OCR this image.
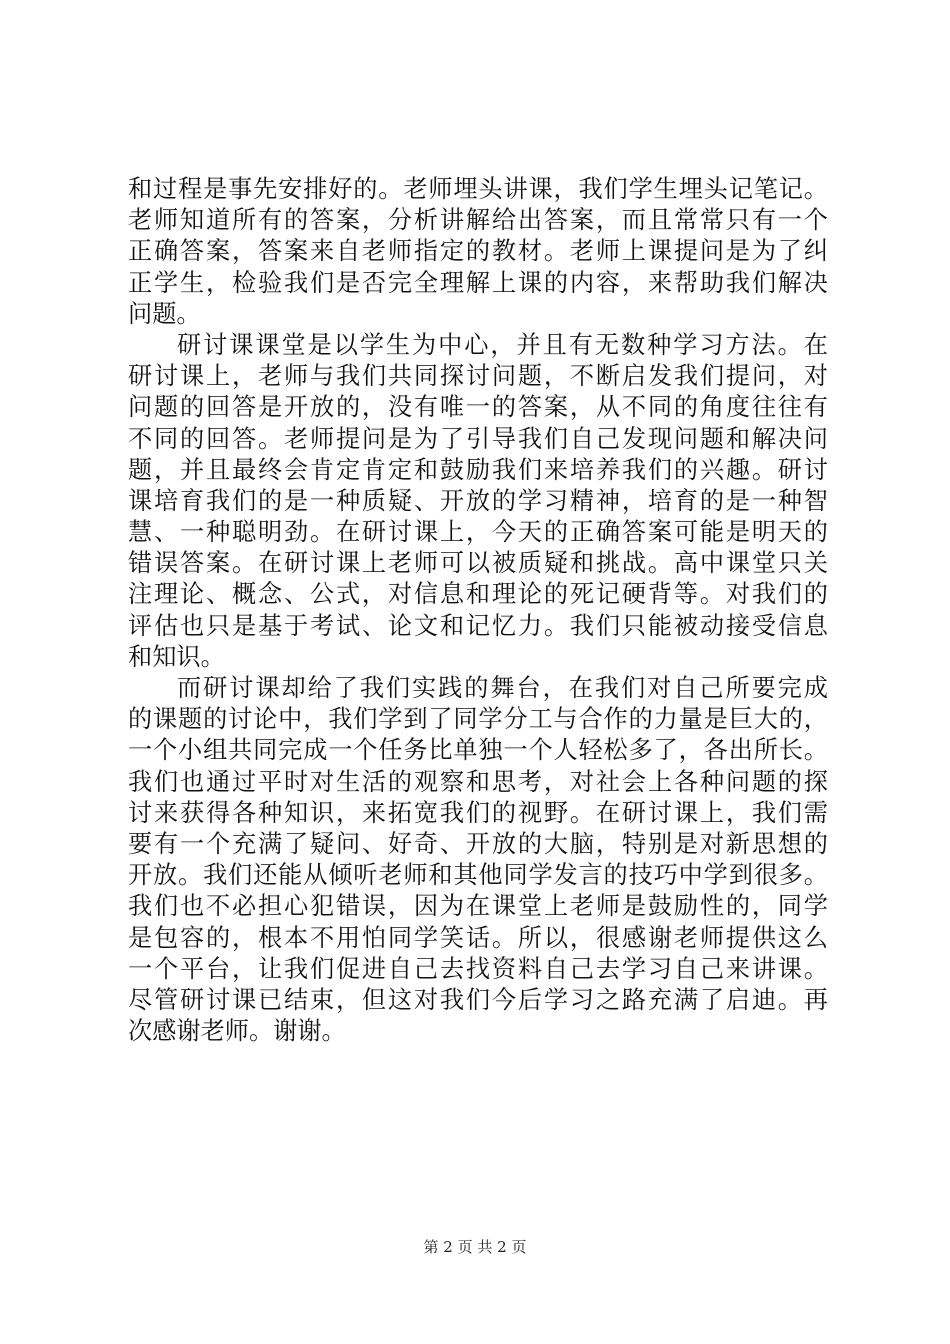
和过程是事先安排好的。老师埋头讲课，我们学生埋头记笔记。
老师知道所有的答案，分析讲解给出答案，而且常常只有一个
正确答案，答案来自老师指定的教材。老师上课提问是为了纠
正学生，检验我们是否完全理解上课的内容，来帮助我们解决
问题。
研讨课课堂是以学生为中心，并且有无数种学习方法。在
研讨课上，老师与我们共同探讨问题，不断启发我们提问，对
问题的回答是开放的，没有唯一的答案，从不同的角度往往有
不同的回答。老师提问是为了引导我们自己发现问题和解决问
题，并且最终会肯定肯定和鼓励我们来培养我们的兴趣。研讨
课培育我们的是一种质疑、开放的学习精神，培育的是一种智
慧、一种聪明劲。在研讨课上，今天的正确答案可能是明天的
错误答案。在研讨课上老师可以被质疑和挑战。高中课堂只关
注理论、概念、公式，对信息和理论的死记硬背等。对我们的
评估也只是基于考试、论文和记忆力。我们只能被动接受信息
和知识。
而研讨课却给了我们实践的舞台，在我们对自己所要完成
的课题的讨论中，我们学到了同学分工与合作的力量是巨大的，
一个小组共同完成一个任务比单独一个人轻松多了，各出所长。
我们也通过平时对生活的观察和思考，对社会上各种问题的探
讨来获得各种知识，来拓宽我们的视野。在研讨课上，我们需
要有一个充满了疑问、好奇、开放的大脑，特别是对新思想的
开放。我们还能从倾听老师和其他同学发言的技巧中学到很多。
我们也不必担心犯错误，因为在课堂上老师是鼓励性的，同学
是包容的，根本不用怕同学笑话。所以，很感谢老师提供这么
一个平台，让我们促进自己去找资料自己去学习自己来讲课。
尽管研讨课已结束，但这对我们今后学习之路充满了启迪。再
次感谢老师。谢谢。
第 2 页 共 2 页
